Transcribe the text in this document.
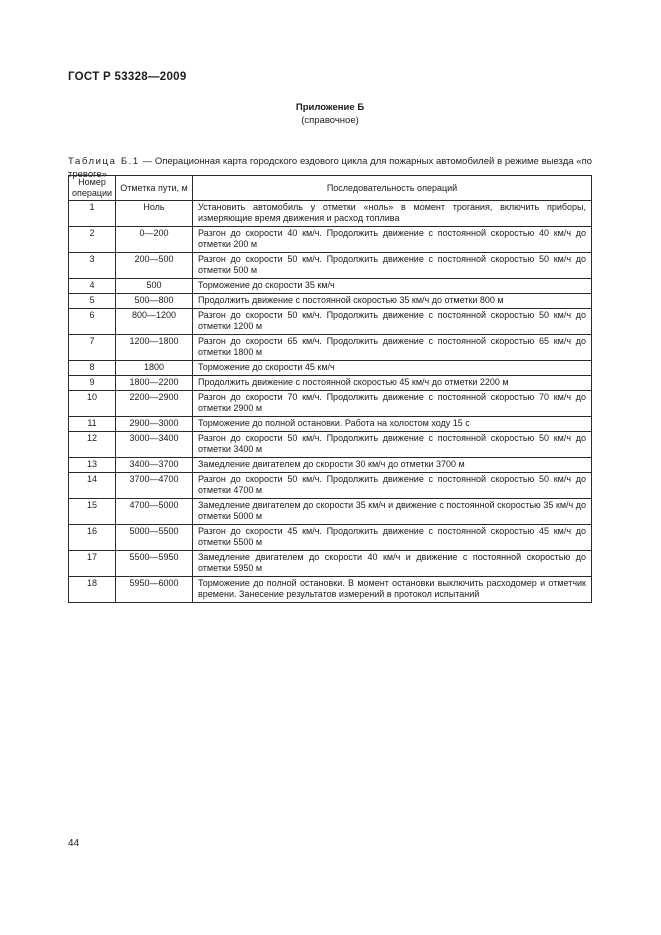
ГОСТ Р 53328—2009
Приложение Б
(справочное)

Таблица Б.1 — Операционная карта городского ездового цикла для пожарных автомобилей в режиме выезда «по тревоге»

Номер операции	Отметка пути, м	Последовательность операций
1	Ноль	Установить автомобиль у отметки «ноль» в момент трогания, включить приборы, измеряющие время движения и расход топлива
2	0—200	Разгон до скорости 40 км/ч. Продолжить движение с постоянной скоростью 40 км/ч до отметки 200 м
3	200—500	Разгон до скорости 50 км/ч. Продолжить движение с постоянной скоростью 50 км/ч до отметки 500 м
4	500	Торможение до скорости 35 км/ч
5	500—800	Продолжить движение с постоянной скоростью 35 км/ч до отметки 800 м
6	800—1200	Разгон до скорости 50 км/ч. Продолжить движение с постоянной скоростью 50 км/ч до отметки 1200 м
7	1200—1800	Разгон до скорости 65 км/ч. Продолжить движение с постоянной скоростью 65 км/ч до отметки 1800 м
8	1800	Торможение до скорости 45 км/ч
9	1800—2200	Продолжить движение с постоянной скоростью 45 км/ч до отметки 2200 м
10	2200—2900	Разгон до скорости 70 км/ч. Продолжить движение с постоянной скоростью 70 км/ч до отметки 2900 м
11	2900—3000	Торможение до полной остановки. Работа на холостом ходу 15 с
12	3000—3400	Разгон до скорости 50 км/ч. Продолжить движение с постоянной скоростью 50 км/ч до отметки 3400 м
13	3400—3700	Замедление двигателем до скорости 30 км/ч до отметки 3700 м
14	3700—4700	Разгон до скорости 50 км/ч. Продолжить движение с постоянной скоростью 50 км/ч до отметки 4700 м
15	4700—5000	Замедление двигателем до скорости 35 км/ч и движение с постоянной скоростью 35 км/ч до отметки 5000 м
16	5000—5500	Разгон до скорости 45 км/ч. Продолжить движение с постоянной скоростью 45 км/ч до отметки 5500 м
17	5500—5950	Замедление двигателем до скорости 40 км/ч и движение с постоянной скоростью до отметки 5950 м
18	5950—6000	Торможение до полной остановки. В момент остановки выключить расходомер и отметчик времени. Занесение результатов измерений в протокол испытаний
44
